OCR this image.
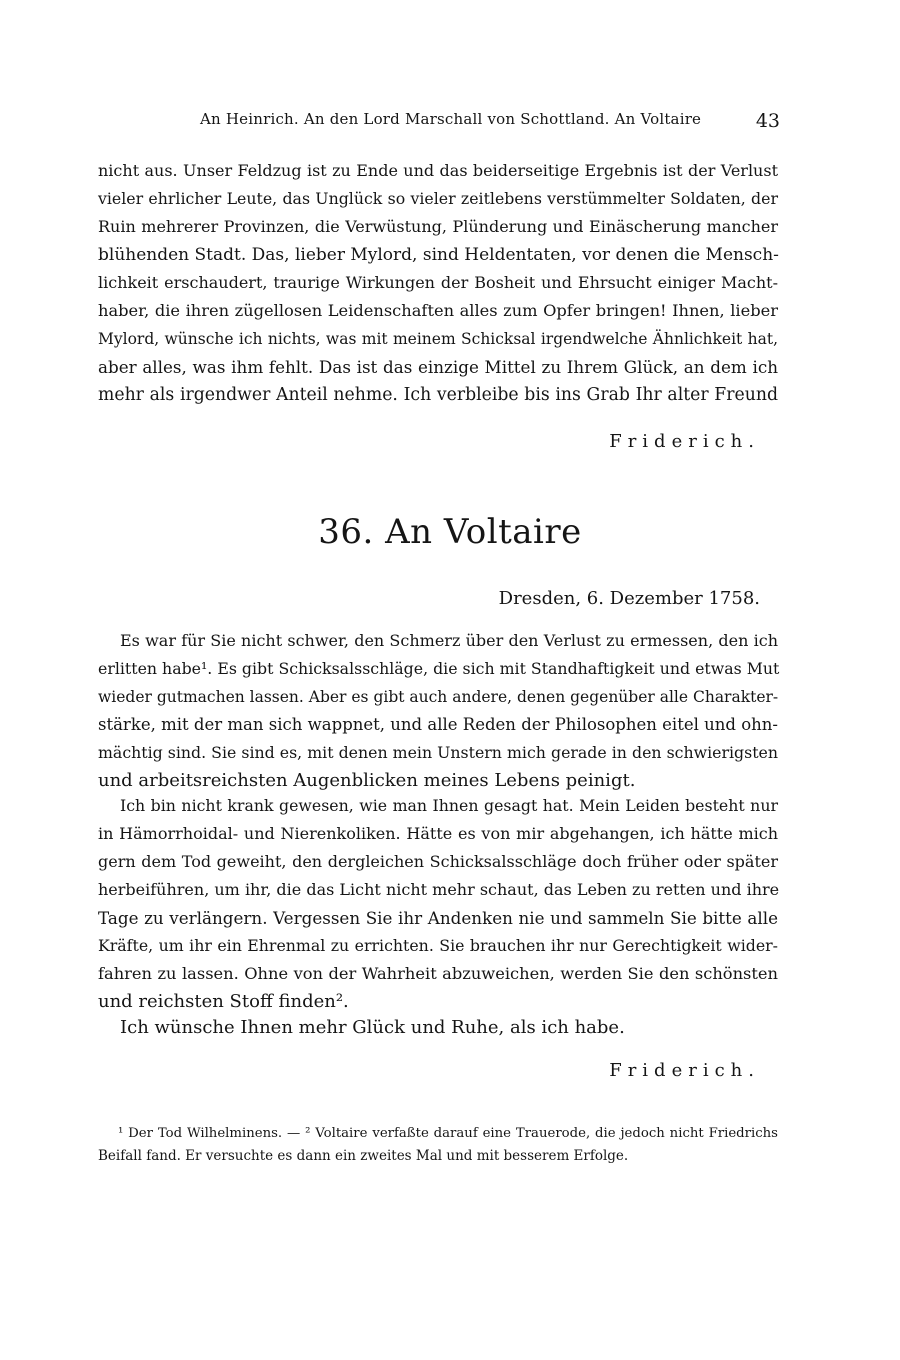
An Heinrich. An den Lord Marschall von Schottland. An Voltaire	43
nicht aus. Unser Feldzug ist zu Ende und das beiderseitige Ergebnis ist der Verlust
vieler ehrlicher Leute, das Unglück so vieler zeitlebens verstümmelter Soldaten, der
Ruin mehrerer Provinzen, die Verwüstung, Plünderung und Einäscherung mancher
blühenden Stadt. Das, lieber Mylord, sind Heldentaten, vor denen die Mensch-
lichkeit erschaudert, traurige Wirkungen der Bosheit und Ehrsucht einiger Macht-
haber, die ihren zügellosen Leidenschaften alles zum Opfer bringen! Ihnen, lieber
Mylord, wünsche ich nichts, was mit meinem Schicksal irgendwelche Ähnlichkeit hat,
aber alles, was ihm fehlt. Das ist das einzige Mittel zu Ihrem Glück, an dem ich
mehr als irgendwer Anteil nehme. Ich verbleibe bis ins Grab Ihr alter Freund
Friderich.
36. An Voltaire
Dresden, 6. Dezember 1758.
Es war für Sie nicht schwer, den Schmerz über den Verlust zu ermessen, den ich
erlitten habe¹. Es gibt Schicksalsschläge, die sich mit Standhaftigkeit und etwas Mut
wieder gutmachen lassen. Aber es gibt auch andere, denen gegenüber alle Charakter-
stärke, mit der man sich wappnet, und alle Reden der Philosophen eitel und ohn-
mächtig sind. Sie sind es, mit denen mein Unstern mich gerade in den schwierigsten
und arbeitsreichsten Augenblicken meines Lebens peinigt.
Ich bin nicht krank gewesen, wie man Ihnen gesagt hat. Mein Leiden besteht nur
in Hämorrhoidal- und Nierenkoliken. Hätte es von mir abgehangen, ich hätte mich
gern dem Tod geweiht, den dergleichen Schicksalsschläge doch früher oder später
herbeiführen, um ihr, die das Licht nicht mehr schaut, das Leben zu retten und ihre
Tage zu verlängern. Vergessen Sie ihr Andenken nie und sammeln Sie bitte alle
Kräfte, um ihr ein Ehrenmal zu errichten. Sie brauchen ihr nur Gerechtigkeit wider-
fahren zu lassen. Ohne von der Wahrheit abzuweichen, werden Sie den schönsten
und reichsten Stoff finden².
Ich wünsche Ihnen mehr Glück und Ruhe, als ich habe.
Friderich.
¹ Der Tod Wilhelminens. — ² Voltaire verfaßte darauf eine Trauerode, die jedoch nicht Friedrichs
Beifall fand. Er versuchte es dann ein zweites Mal und mit besserem Erfolge.
